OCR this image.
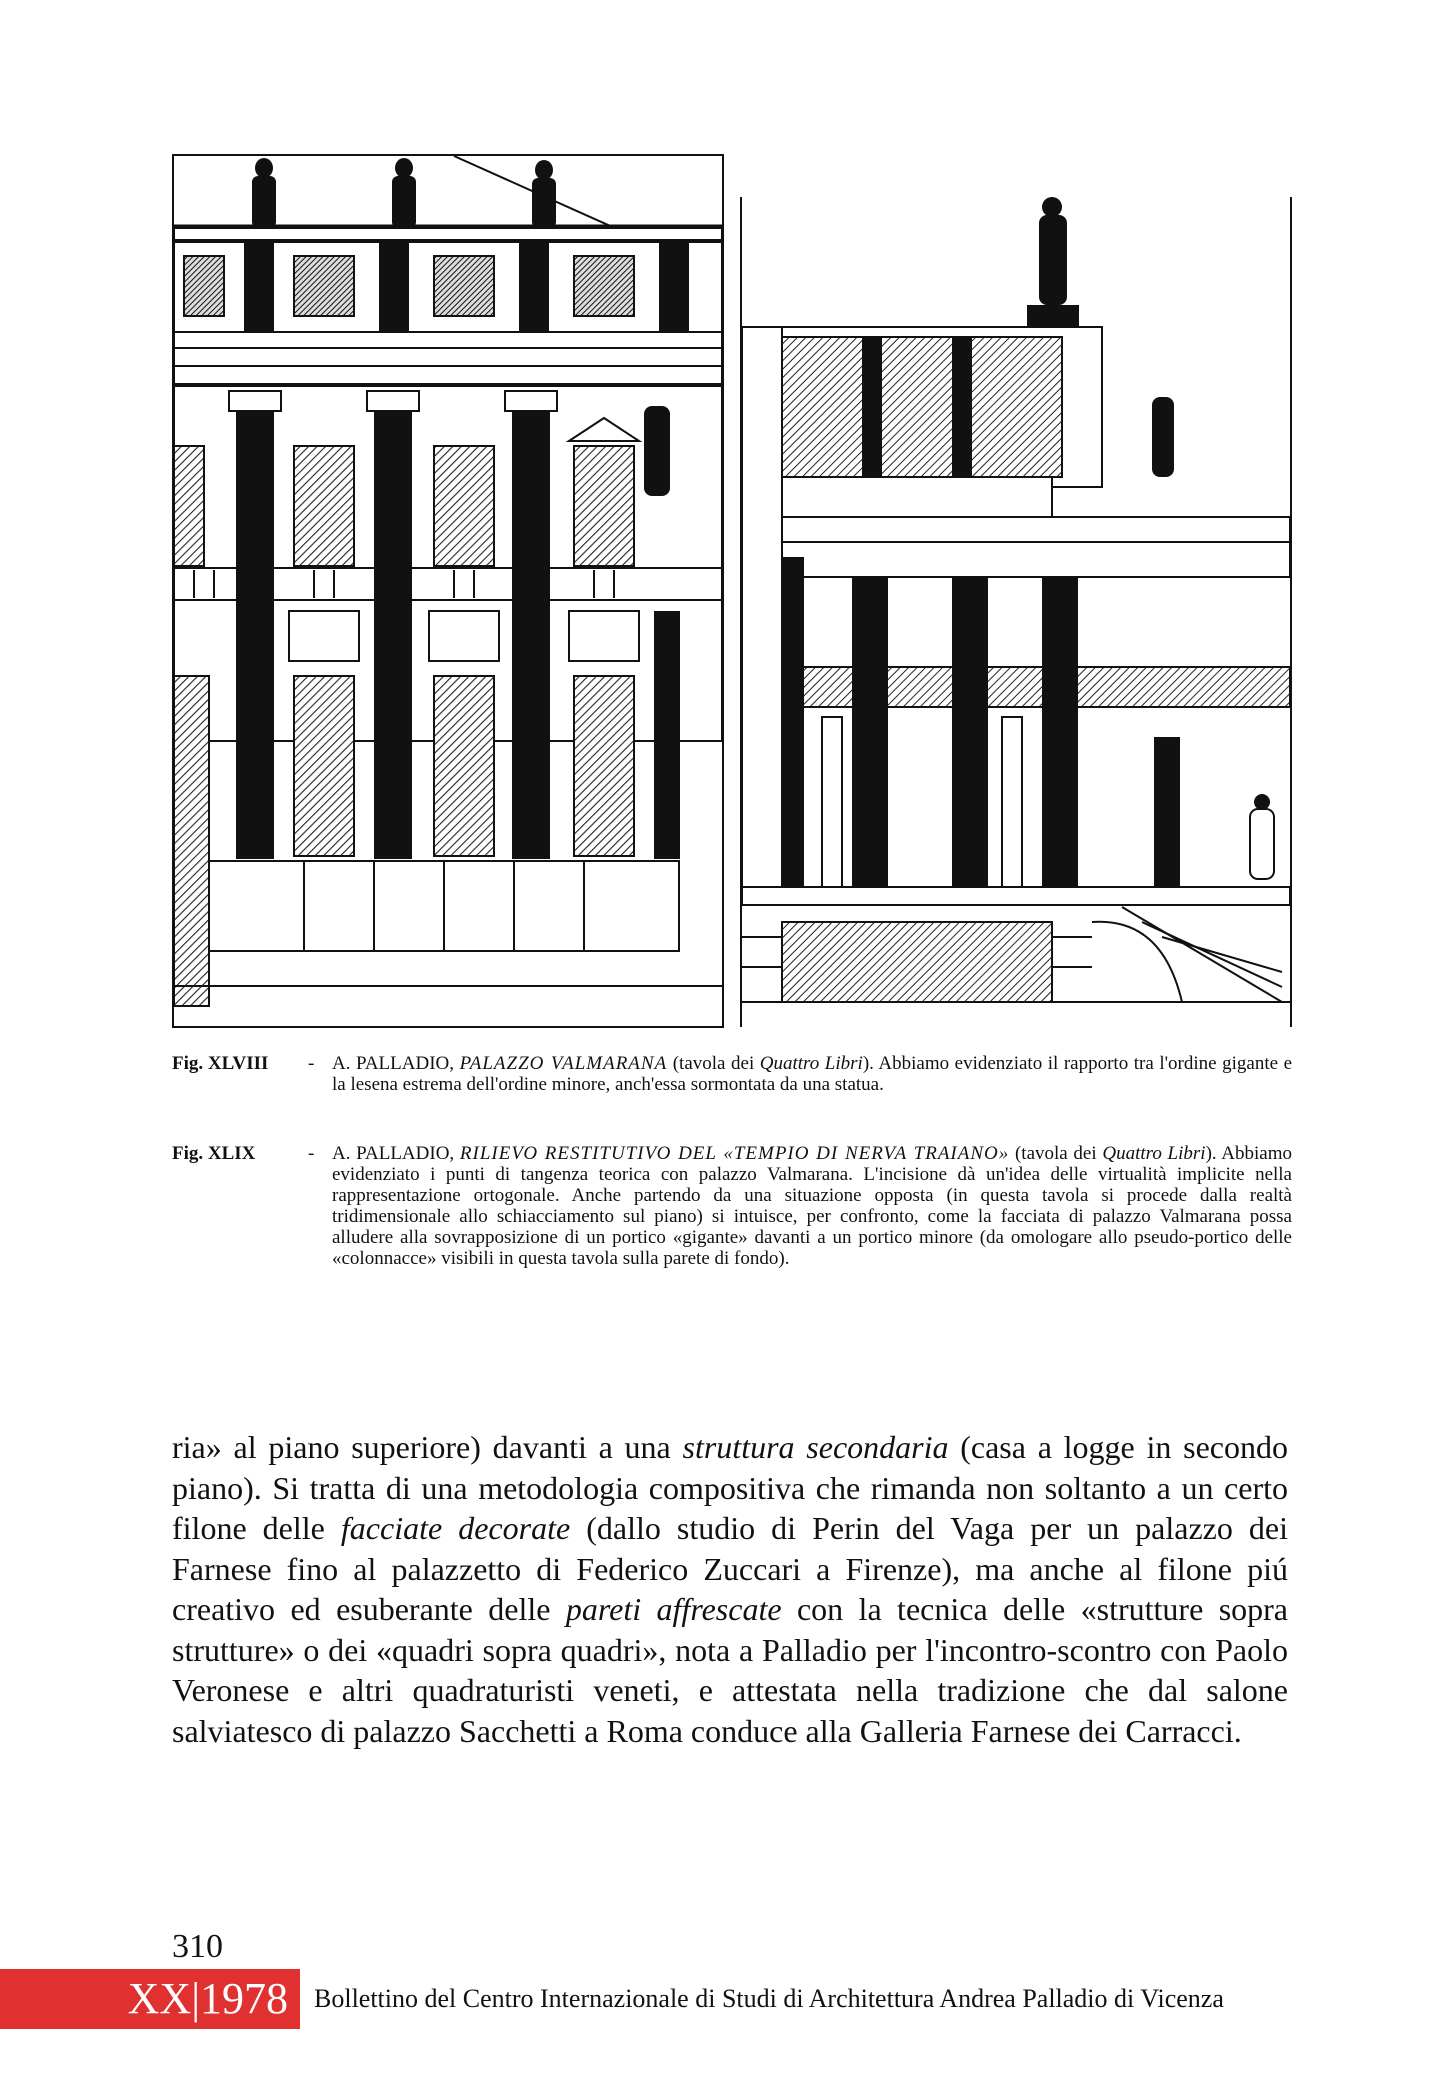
Fig. XLVIII - A. PALLADIO, PALAZZO VALMARANA (tavola dei Quattro Libri). Abbiamo evidenziato il rapporto tra l'ordine gigante e la lesena estrema dell'ordine minore, anch'essa sormontata da una statua.
Fig. XLIX	- A. PALLADIO, RILIEVO RESTITUTIVO DEL «TEMPIO DI NERVA TRAIANO» (tavola dei Quattro Libri). Abbiamo evidenziato i punti di tangenza teorica con palazzo Valmarana. L'incisione dà un'idea delle virtualità implicite nella rappresentazione ortogonale. Anche partendo da una situazione opposta (in questa tavola si procede dalla realtà tridimensionale allo schiacciamento sul piano) si intuisce, per confronto, come la facciata di palazzo Valmarana possa alludere alla sovrapposizione di un portico «gigante» davanti a un portico minore (da omologare allo pseudo-portico delle «colonnacce» visibili in questa tavola sulla parete di fondo).

ria» al piano superiore) davanti a una struttura secondaria (casa a logge in secondo piano). Si tratta di una metodologia compositiva che rimanda non soltanto a un certo filone delle facciate decorate (dallo studio di Perin del Vaga per un palazzo dei Farnese fino al palazzetto di Federico Zuccari a Firenze), ma anche al filone piú creativo ed esuberante delle pareti affrescate con la tecnica delle «strutture sopra strutture» o dei «quadri sopra quadri», nota a Palladio per l'incontro-scontro con Paolo Veronese e altri quadraturisti veneti, e attestata nella tradizione che dal salone salviatesco di palazzo Sacchetti a Roma conduce alla Galleria Farnese dei Carracci.

310
XX|1978	Bollettino del Centro Internazionale di Studi di Architettura Andrea Palladio di Vicenza
